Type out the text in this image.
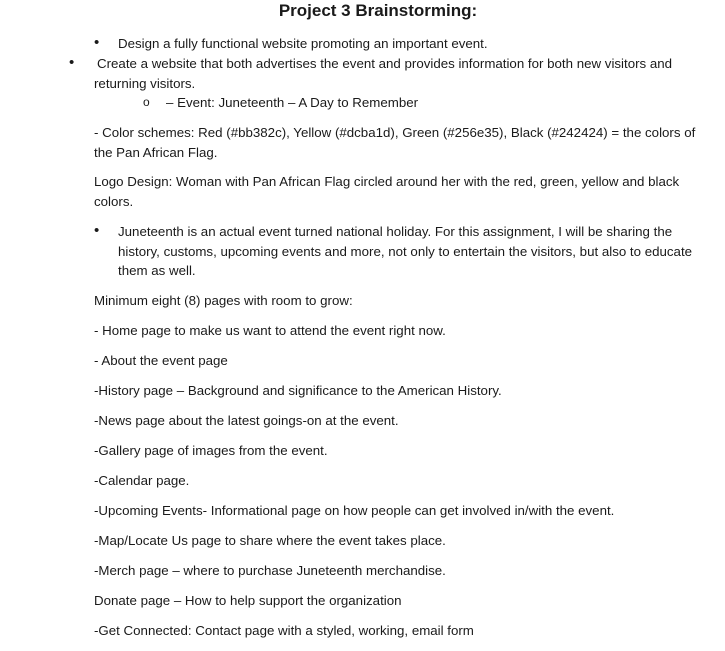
Project 3 Brainstorming:
• Design a fully functional website promoting an important event.
• Create a website that both advertises the event and provides information for both new visitors and returning visitors.
o – Event: Juneteenth – A Day to Remember
- Color schemes: Red (#bb382c), Yellow (#dcba1d), Green (#256e35), Black (#242424) = the colors of the Pan African Flag.
Logo Design: Woman with Pan African Flag circled around her with the red, green, yellow and black colors.
• Juneteenth is an actual event turned national holiday. For this assignment, I will be sharing the history, customs, upcoming events and more, not only to entertain the visitors, but also to educate them as well.
Minimum eight (8) pages with room to grow:
- Home page to make us want to attend the event right now.
- About the event page
-History page – Background and significance to the American History.
-News page about the latest goings-on at the event.
-Gallery page of images from the event.
-Calendar page.
-Upcoming Events- Informational page on how people can get involved in/with the event.
-Map/Locate Us page to share where the event takes place.
-Merch page – where to purchase Juneteenth merchandise.
Donate page – How to help support the organization
-Get Connected: Contact page with a styled, working, email form
